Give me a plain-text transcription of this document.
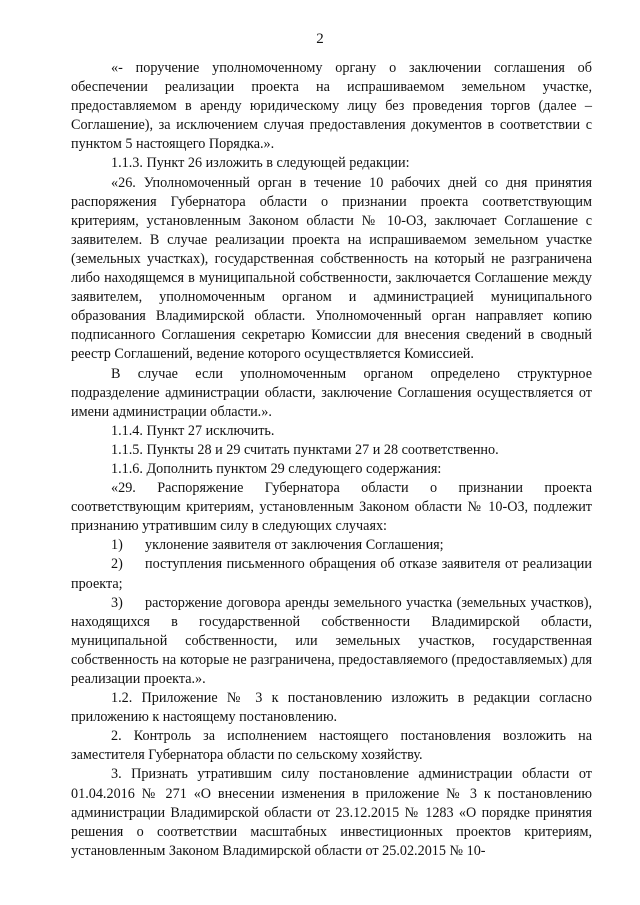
2

«- поручение уполномоченному органу о заключении соглашения об обеспечении реализации проекта на испрашиваемом земельном участке, предоставляемом в аренду юридическому лицу без проведения торгов (далее – Соглашение), за исключением случая предоставления документов в соответствии с пунктом 5 настоящего Порядка.».

1.1.3. Пункт 26 изложить в следующей редакции:

«26. Уполномоченный орган в течение 10 рабочих дней со дня принятия распоряжения Губернатора области о признании проекта соответствующим критериям, установленным Законом области № 10-ОЗ, заключает Соглашение с заявителем. В случае реализации проекта на испрашиваемом земельном участке (земельных участках), государственная собственность на который не разграничена либо находящемся в муниципальной собственности, заключается Соглашение между заявителем, уполномоченным органом и администрацией муниципального образования Владимирской области. Уполномоченный орган направляет копию подписанного Соглашения секретарю Комиссии для внесения сведений в сводный реестр Соглашений, ведение которого осуществляется Комиссией.

В случае если уполномоченным органом определено структурное подразделение администрации области, заключение Соглашения осуществляется от имени администрации области.».

1.1.4. Пункт 27 исключить.

1.1.5. Пункты 28 и 29 считать пунктами 27 и 28 соответственно.

1.1.6. Дополнить пунктом 29 следующего содержания:

«29. Распоряжение Губернатора области о признании проекта соответствующим критериям, установленным Законом области № 10-ОЗ, подлежит признанию утратившим силу в следующих случаях:

1) уклонение заявителя от заключения Соглашения;

2) поступления письменного обращения об отказе заявителя от реализации проекта;

3) расторжение договора аренды земельного участка (земельных участков), находящихся в государственной собственности Владимирской области, муниципальной собственности, или земельных участков, государственная собственность на которые не разграничена, предоставляемого (предоставляемых) для реализации проекта.».

1.2. Приложение № 3 к постановлению изложить в редакции согласно приложению к настоящему постановлению.

2. Контроль за исполнением настоящего постановления возложить на заместителя Губернатора области по сельскому хозяйству.

3. Признать утратившим силу постановление администрации области от 01.04.2016 № 271 «О внесении изменения в приложение № 3 к постановлению администрации Владимирской области от 23.12.2015 № 1283 «О порядке принятия решения о соответствии масштабных инвестиционных проектов критериям, установленным Законом Владимирской области от 25.02.2015 № 10-
